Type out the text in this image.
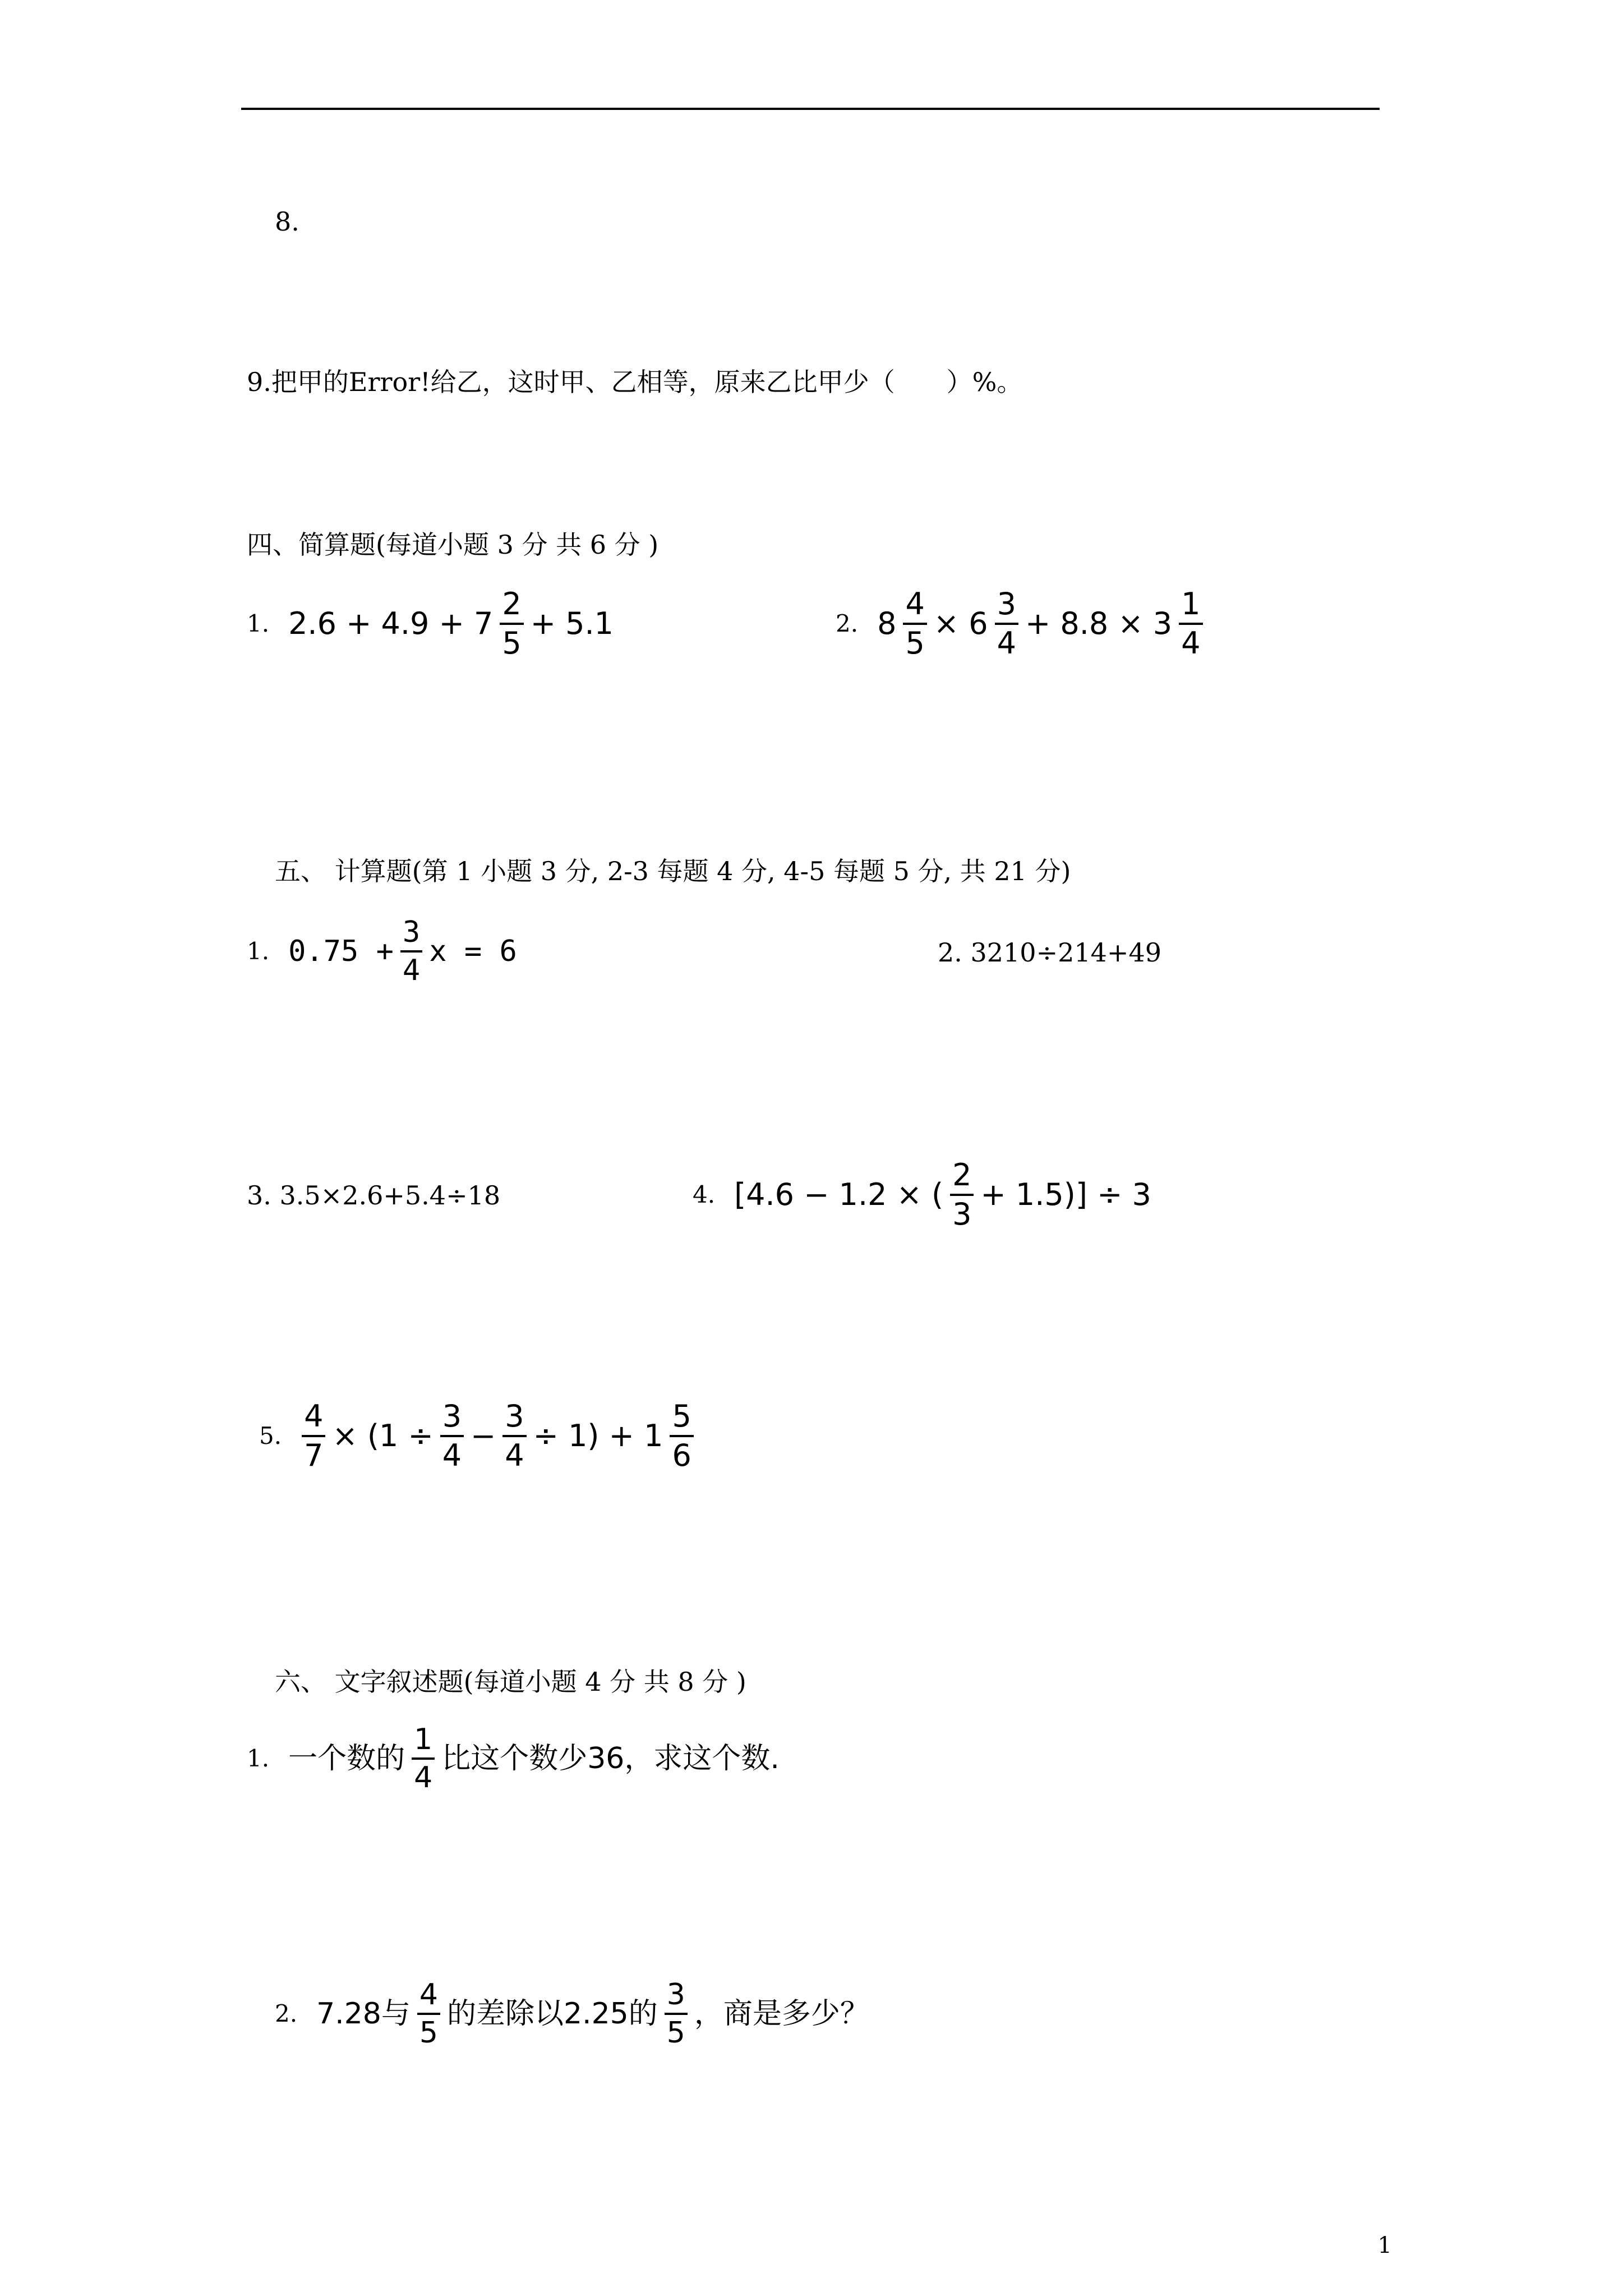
8.
9.把甲的Error!给乙，这时甲、乙相等，原来乙比甲少（　　）%。
四、简算题(每道小题 3 分 共 6 分 )
1. $2.6 + 4.9 + 7 \frac{2}{5} + 5.1$	2. $8 \frac{4}{5} \times 6 \frac{3}{4} + 8.8 \times 3 \frac{1}{4}$
五、 计算题(第 1 小题 3 分, 2-3 每题 4 分, 4-5 每题 5 分, 共 21 分)
1. $0.75 + \frac{3}{4}$ x = 6	2. 3210÷214+49
3. 3.5×2.6+5.4÷18	4. [4.6 − 1.2 × ( $\frac{2}{3} + 1.5)] \div 3$
5. $\frac{4}{7} \times (1 \div \frac{3}{4} - \frac{3}{4} \div 1) + 1 \frac{5}{6}$
六、 文字叙述题(每道小题 4 分 共 8 分 )
1. 一个数的 $\frac{1}{4}$ 比这个数少36，求这个数.
2. 7.28与 $\frac{4}{5}$ 的差除以2.25的 $\frac{3}{5}$ ，商是多少？
1
